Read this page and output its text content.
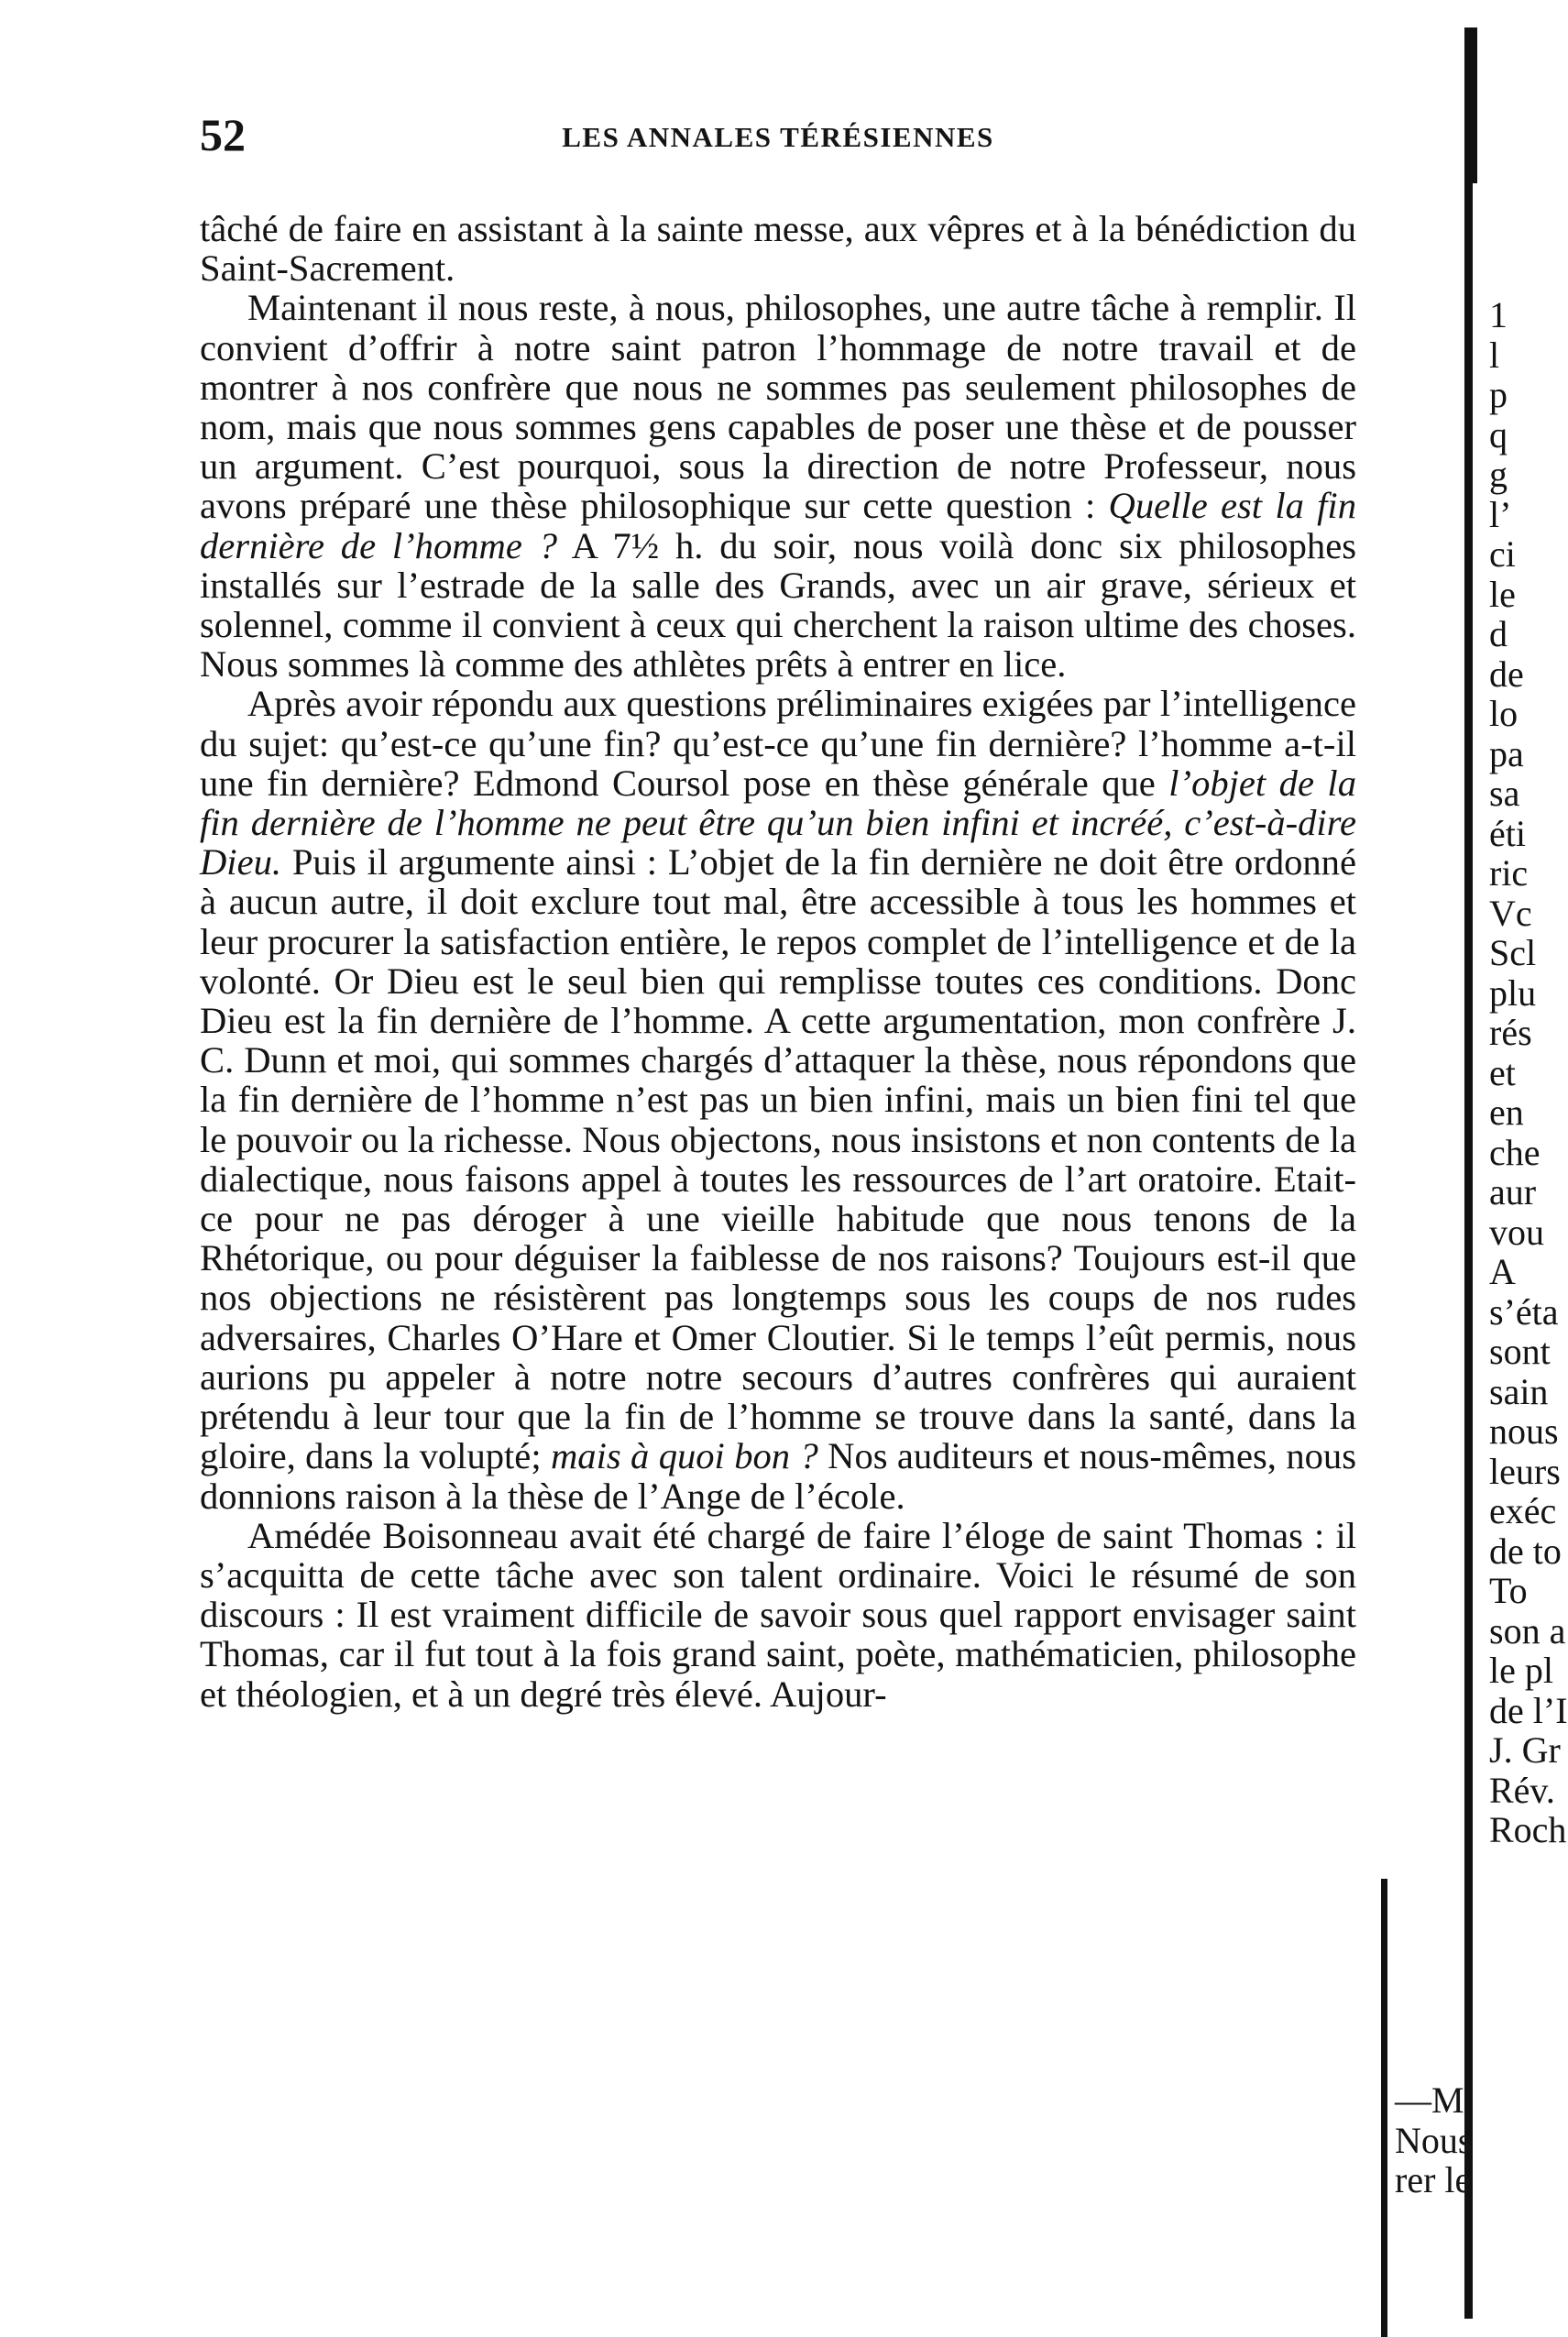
52	LES ANNALES TÉRÉSIENNES

tâché de faire en assistant à la sainte messe, aux vêpres et à la bénédiction du Saint-Sacrement.

Maintenant il nous reste, à nous, philosophes, une autre tâche à remplir. Il convient d’offrir à notre saint patron l’hommage de notre travail et de montrer à nos confrère que nous ne sommes pas seulement philosophes de nom, mais que nous sommes gens capables de poser une thèse et de pousser un argument. C’est pourquoi, sous la direction de notre Professeur, nous avons préparé une thèse philosophique sur cette question : Quelle est la fin dernière de l’homme ? A 7½ h. du soir, nous voilà donc six philosophes installés sur l’estrade de la salle des Grands, avec un air grave, sérieux et solennel, comme il convient à ceux qui cherchent la raison ultime des choses. Nous sommes là comme des athlètes prêts à entrer en lice.

Après avoir répondu aux questions préliminaires exigées par l’intelligence du sujet: qu’est-ce qu’une fin? qu’est-ce qu’une fin dernière? l’homme a-t-il une fin dernière? Edmond Coursol pose en thèse générale que l’objet de la fin dernière de l’homme ne peut être qu’un bien infini et incréé, c’est-à-dire Dieu. Puis il argumente ainsi : L’objet de la fin dernière ne doit être ordonné à aucun autre, il doit exclure tout mal, être accessible à tous les hommes et leur procurer la satisfaction entière, le repos complet de l’intelligence et de la volonté. Or Dieu est le seul bien qui remplisse toutes ces conditions. Donc Dieu est la fin dernière de l’homme. A cette argumentation, mon confrère J. C. Dunn et moi, qui sommes chargés d’attaquer la thèse, nous répondons que la fin dernière de l’homme n’est pas un bien infini, mais un bien fini tel que le pouvoir ou la richesse. Nous objectons, nous insistons et non contents de la dialectique, nous faisons appel à toutes les ressources de l’art oratoire. Etait-ce pour ne pas déroger à une vieille habitude que nous tenons de la Rhétorique, ou pour déguiser la faiblesse de nos raisons? Toujours est-il que nos objections ne résistèrent pas longtemps sous les coups de nos rudes adversaires, Charles O’Hare et Omer Cloutier. Si le temps l’eût permis, nous aurions pu appeler à notre notre secours d’autres confrères qui auraient prétendu à leur tour que la fin de l’homme se trouve dans la santé, dans la gloire, dans la volupté; mais à quoi bon ? Nos auditeurs et nous-mêmes, nous donnions raison à la thèse de l’Ange de l’école.

Amédée Boisonneau avait été chargé de faire l’éloge de saint Thomas : il s’acquitta de cette tâche avec son talent ordinaire. Voici le résumé de son discours : Il est vraiment difficile de savoir sous quel rapport envisager saint Thomas, car il fut tout à la fois grand saint, poète, mathématicien, philosophe et théologien, et à un degré très élevé. Aujour-

1
l
p
q
g
l’
ci
le
d
de
lo
pa
sa
éti
ric
Vc
Scl
plu
rés
et
en
che
aur
vou
A
s’éta
sont
sain
nous
leurs
exéc
de to
To
son a
le pl
de l’I
J. Gr
Rév.
Roch
—M
Nous
rer le
